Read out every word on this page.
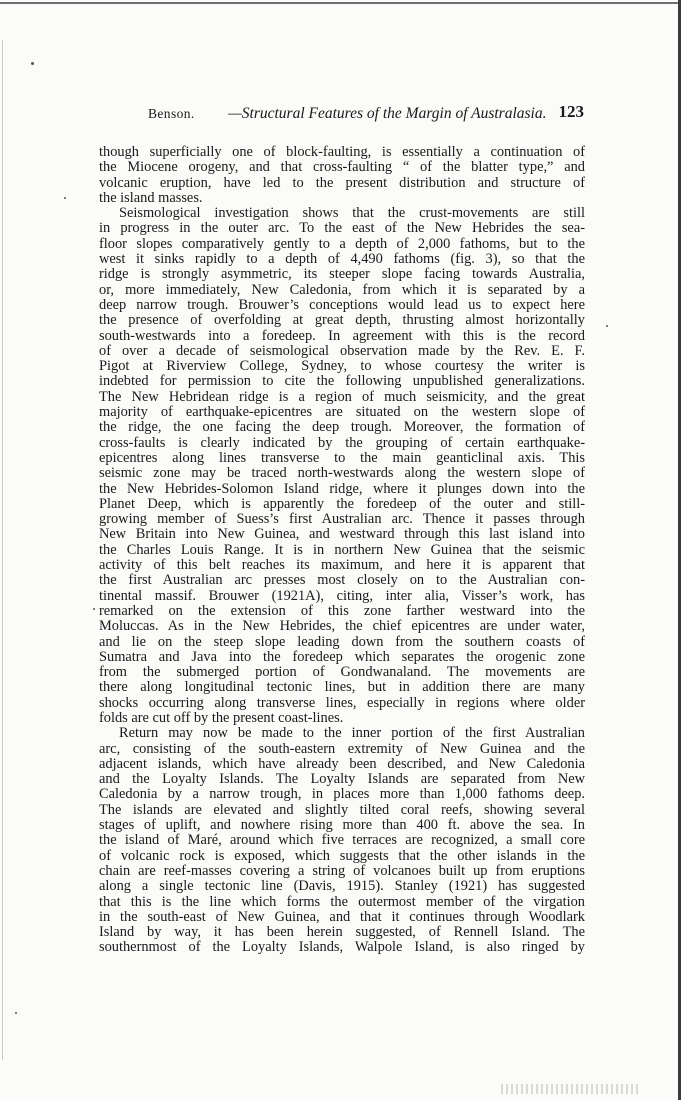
Benson. —Structural Features of the Margin of Australasia. 123
though superficially one of block-faulting, is essentially a continuation of
the Miocene orogeny, and that cross-faulting “ of the blatter type,” and
volcanic eruption, have led to the present distribution and structure of
the island masses.
Seismological investigation shows that the crust-movements are still
in progress in the outer arc. To the east of the New Hebrides the sea-
floor slopes comparatively gently to a depth of 2,000 fathoms, but to the
west it sinks rapidly to a depth of 4,490 fathoms (fig. 3), so that the
ridge is strongly asymmetric, its steeper slope facing towards Australia,
or, more immediately, New Caledonia, from which it is separated by a
deep narrow trough. Brouwer’s conceptions would lead us to expect here
the presence of overfolding at great depth, thrusting almost horizontally
south-westwards into a foredeep. In agreement with this is the record
of over a decade of seismological observation made by the Rev. E. F.
Pigot at Riverview College, Sydney, to whose courtesy the writer is
indebted for permission to cite the following unpublished generalizations.
The New Hebridean ridge is a region of much seismicity, and the great
majority of earthquake-epicentres are situated on the western slope of
the ridge, the one facing the deep trough. Moreover, the formation of
cross-faults is clearly indicated by the grouping of certain earthquake-
epicentres along lines transverse to the main geanticlinal axis. This
seismic zone may be traced north-westwards along the western slope of
the New Hebrides-Solomon Island ridge, where it plunges down into the
Planet Deep, which is apparently the foredeep of the outer and still-
growing member of Suess’s first Australian arc. Thence it passes through
New Britain into New Guinea, and westward through this last island into
the Charles Louis Range. It is in northern New Guinea that the seismic
activity of this belt reaches its maximum, and here it is apparent that
the first Australian arc presses most closely on to the Australian con-
tinental massif. Brouwer (1921A), citing, inter alia, Visser’s work, has
remarked on the extension of this zone farther westward into the
Moluccas. As in the New Hebrides, the chief epicentres are under water,
and lie on the steep slope leading down from the southern coasts of
Sumatra and Java into the foredeep which separates the orogenic zone
from the submerged portion of Gondwanaland. The movements are
there along longitudinal tectonic lines, but in addition there are many
shocks occurring along transverse lines, especially in regions where older
folds are cut off by the present coast-lines.
Return may now be made to the inner portion of the first Australian
arc, consisting of the south-eastern extremity of New Guinea and the
adjacent islands, which have already been described, and New Caledonia
and the Loyalty Islands. The Loyalty Islands are separated from New
Caledonia by a narrow trough, in places more than 1,000 fathoms deep.
The islands are elevated and slightly tilted coral reefs, showing several
stages of uplift, and nowhere rising more than 400 ft. above the sea. In
the island of Maré, around which five terraces are recognized, a small core
of volcanic rock is exposed, which suggests that the other islands in the
chain are reef-masses covering a string of volcanoes built up from eruptions
along a single tectonic line (Davis, 1915). Stanley (1921) has suggested
that this is the line which forms the outermost member of the virgation
in the south-east of New Guinea, and that it continues through Woodlark
Island by way, it has been herein suggested, of Rennell Island. The
southernmost of the Loyalty Islands, Walpole Island, is also ringed by
